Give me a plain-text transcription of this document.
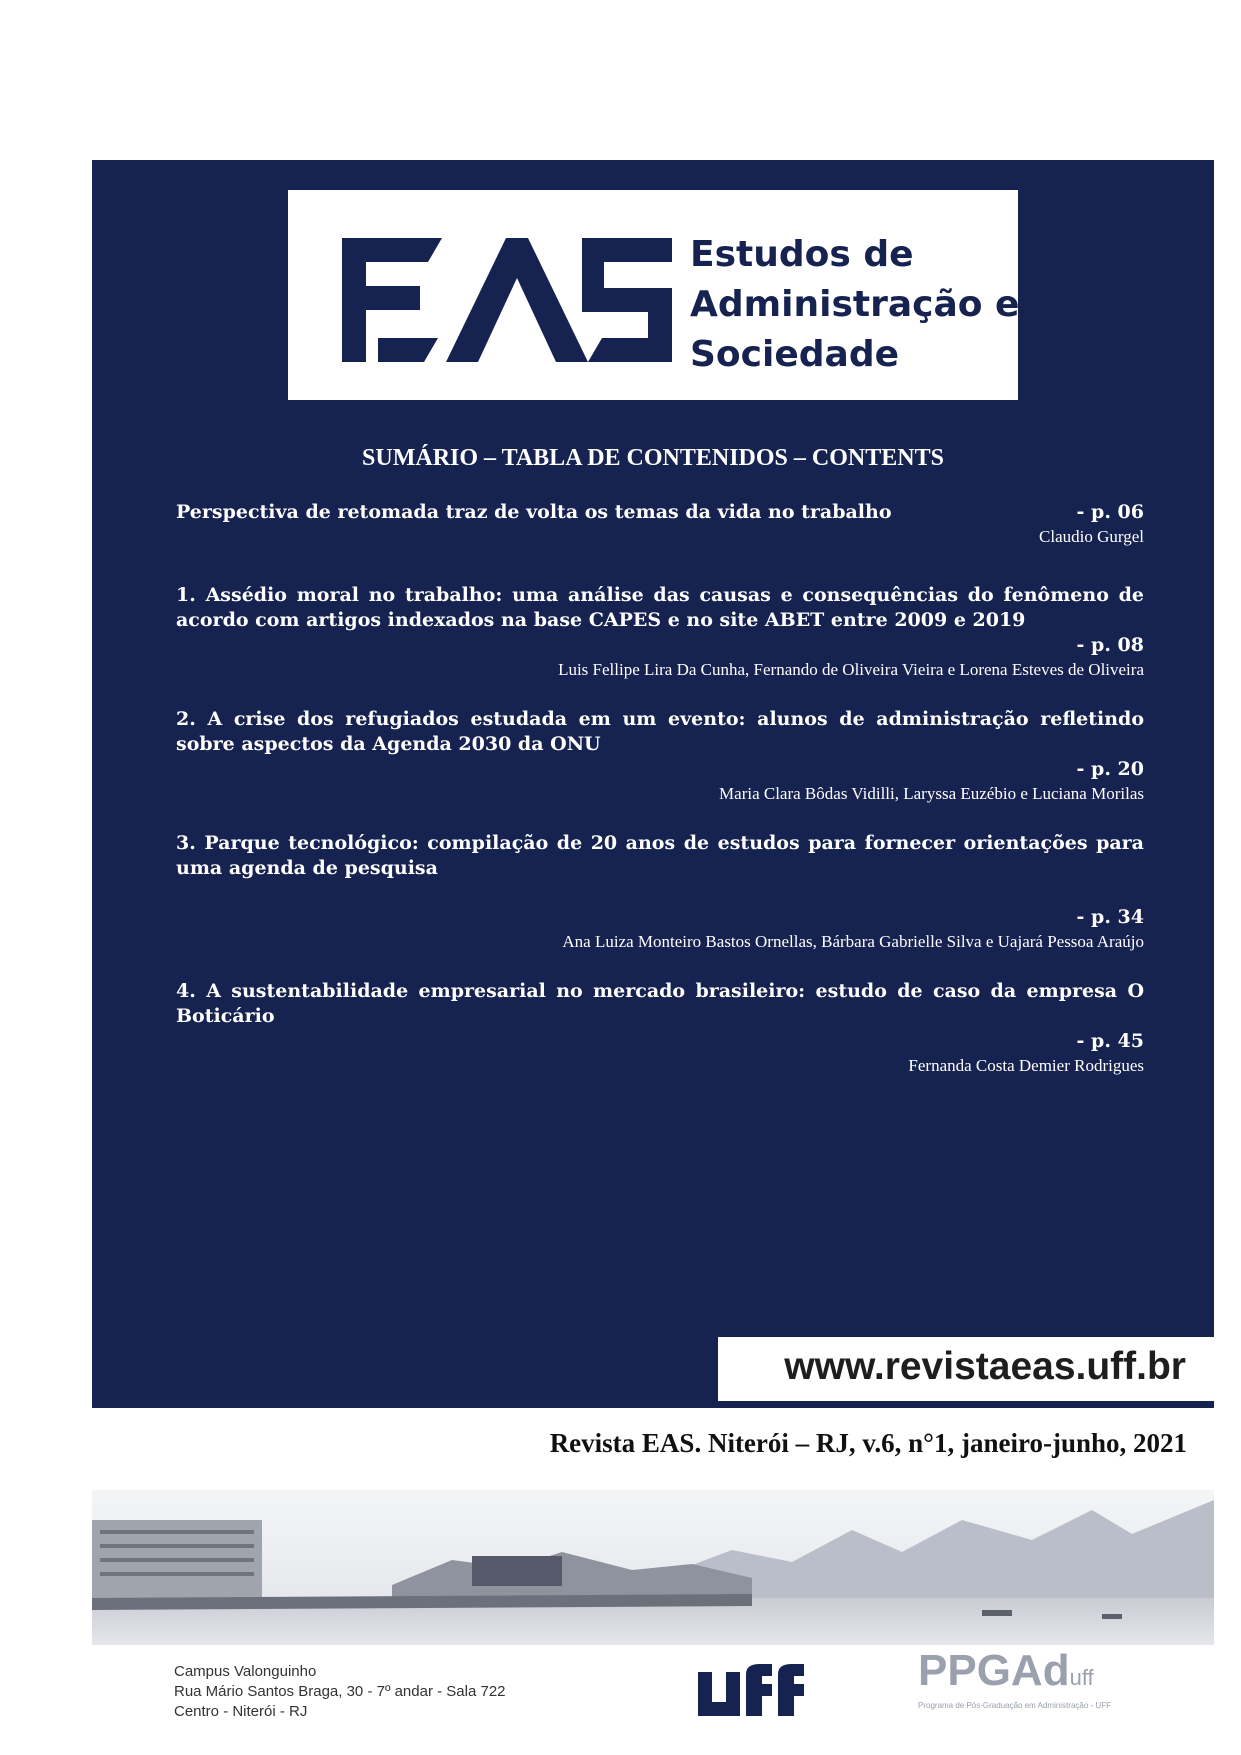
Estudos de
Administração e
Sociedade
SUMÁRIO – TABLA DE CONTENIDOS – CONTENTS
Perspectiva de retomada traz de volta os temas da vida no trabalho	- p. 06
Claudio Gurgel
1. Assédio moral no trabalho: uma análise das causas e consequências do fenômeno de acordo com artigos indexados na base CAPES e no site ABET entre 2009 e 2019
- p. 08
Luis Fellipe Lira Da Cunha, Fernando de Oliveira Vieira e Lorena Esteves de Oliveira
2. A crise dos refugiados estudada em um evento: alunos de administração refletindo sobre aspectos da Agenda 2030 da ONU
- p. 20
Maria Clara Bôdas Vidilli, Laryssa Euzébio e Luciana Morilas
3. Parque tecnológico: compilação de 20 anos de estudos para fornecer orientações para uma agenda de pesquisa
- p. 34
Ana Luiza Monteiro Bastos Ornellas, Bárbara Gabrielle Silva e Uajará Pessoa Araújo
4. A sustentabilidade empresarial no mercado brasileiro: estudo de caso da empresa O Boticário
- p. 45
Fernanda Costa Demier Rodrigues
www.revistaeas.uff.br
Revista EAS. Niterói – RJ, v.6, n°1, janeiro-junho, 2021
Campus Valonguinho
Rua Mário Santos Braga, 30 - 7º andar - Sala 722
Centro - Niterói - RJ
PPGAduff
Programa de Pós-Graduação em Administração - UFF
